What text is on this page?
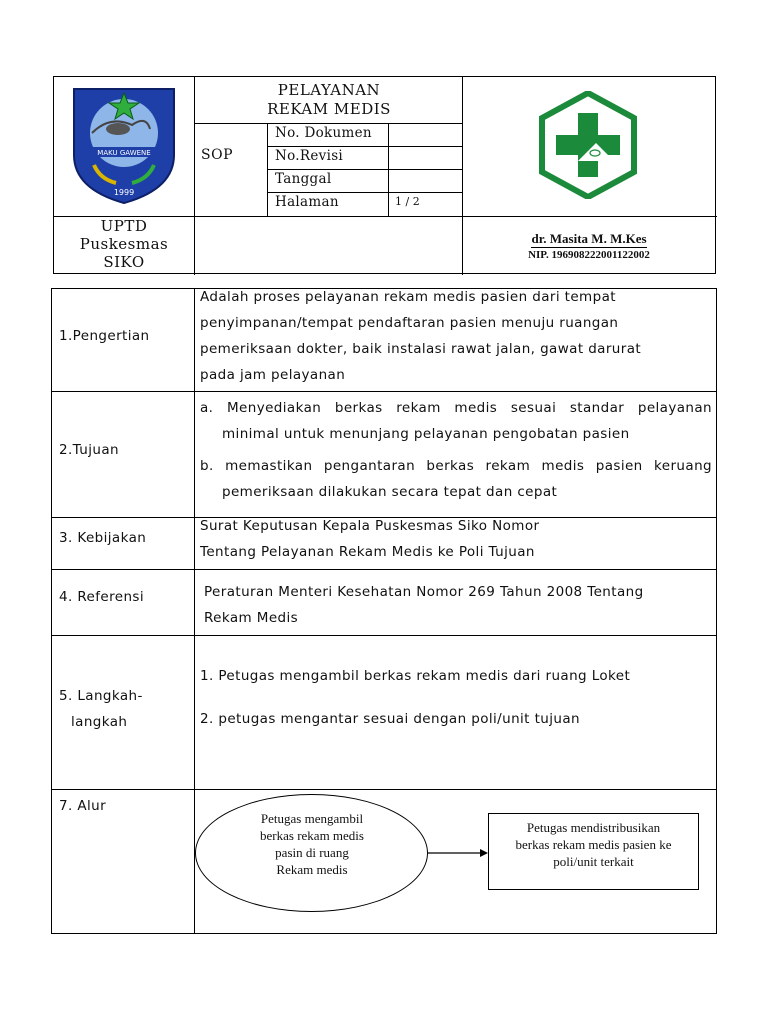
MAKU GAWENE
1999
PELAYANAN
REKAM MEDIS
SOP
No. Dokumen
No.Revisi
Tanggal
Halaman	1 / 2
UPTD
Puskesmas
SIKO
dr. Masita M. M.Kes
NIP. 196908222001122002
1.Pengertian
Adalah proses pelayanan rekam medis pasien dari tempat
penyimpanan/tempat pendaftaran pasien menuju ruangan
pemeriksaan dokter, baik instalasi rawat jalan, gawat darurat
pada jam pelayanan
2.Tujuan
a. Menyediakan berkas rekam medis sesuai standar pelayanan
minimal untuk menunjang pelayanan pengobatan pasien
b. memastikan pengantaran berkas rekam medis pasien keruang
pemeriksaan dilakukan secara tepat dan cepat
3. Kebijakan
Surat Keputusan Kepala Puskesmas Siko Nomor
Tentang Pelayanan Rekam Medis ke Poli Tujuan
4. Referensi	Peraturan Menteri Kesehatan Nomor 269 Tahun 2008 Tentang
Rekam Medis
5. Langkah-
langkah
1. Petugas mengambil berkas rekam medis dari ruang Loket
2. petugas mengantar sesuai dengan poli/unit tujuan
7. Alur
Petugas mengambil
berkas rekam medis
pasin di ruang
Rekam medis
Petugas mendistribusikan
berkas rekam medis pasien ke
poli/unit terkait
